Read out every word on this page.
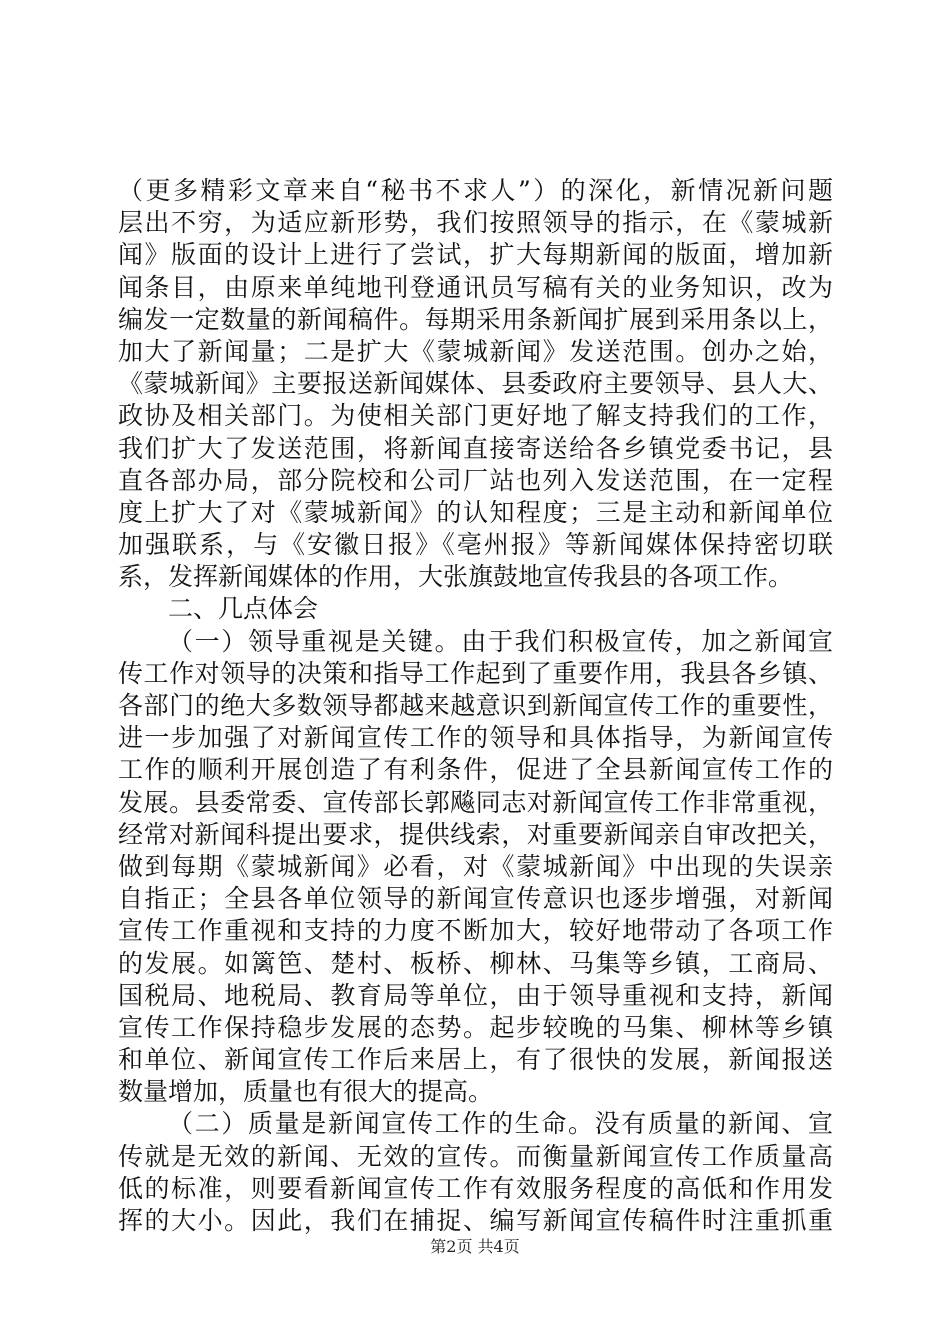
（更多精彩文章来自“秘书不求人”）的深化，新情况新问题
层出不穷，为适应新形势，我们按照领导的指示，在《蒙城新
闻》版面的设计上进行了尝试，扩大每期新闻的版面，增加新
闻条目，由原来单纯地刊登通讯员写稿有关的业务知识，改为
编发一定数量的新闻稿件。每期采用条新闻扩展到采用条以上，
加大了新闻量；二是扩大《蒙城新闻》发送范围。创办之始，
《蒙城新闻》主要报送新闻媒体、县委政府主要领导、县人大、
政协及相关部门。为使相关部门更好地了解支持我们的工作，
我们扩大了发送范围，将新闻直接寄送给各乡镇党委书记，县
直各部办局，部分院校和公司厂站也列入发送范围，在一定程
度上扩大了对《蒙城新闻》的认知程度；三是主动和新闻单位
加强联系，与《安徽日报》《亳州报》等新闻媒体保持密切联
系，发挥新闻媒体的作用，大张旗鼓地宣传我县的各项工作。
二、几点体会
（一）领导重视是关键。由于我们积极宣传，加之新闻宣
传工作对领导的决策和指导工作起到了重要作用，我县各乡镇、
各部门的绝大多数领导都越来越意识到新闻宣传工作的重要性，
进一步加强了对新闻宣传工作的领导和具体指导，为新闻宣传
工作的顺利开展创造了有利条件，促进了全县新闻宣传工作的
发展。县委常委、宣传部长郭飚同志对新闻宣传工作非常重视，
经常对新闻科提出要求，提供线索，对重要新闻亲自审改把关，
做到每期《蒙城新闻》必看，对《蒙城新闻》中出现的失误亲
自指正；全县各单位领导的新闻宣传意识也逐步增强，对新闻
宣传工作重视和支持的力度不断加大，较好地带动了各项工作
的发展。如篱笆、楚村、板桥、柳林、马集等乡镇，工商局、
国税局、地税局、教育局等单位，由于领导重视和支持，新闻
宣传工作保持稳步发展的态势。起步较晚的马集、柳林等乡镇
和单位、新闻宣传工作后来居上，有了很快的发展，新闻报送
数量增加，质量也有很大的提高。
（二）质量是新闻宣传工作的生命。没有质量的新闻、宣
传就是无效的新闻、无效的宣传。而衡量新闻宣传工作质量高
低的标准，则要看新闻宣传工作有效服务程度的高低和作用发
挥的大小。因此，我们在捕捉、编写新闻宣传稿件时注重抓重
第2页 共4页
